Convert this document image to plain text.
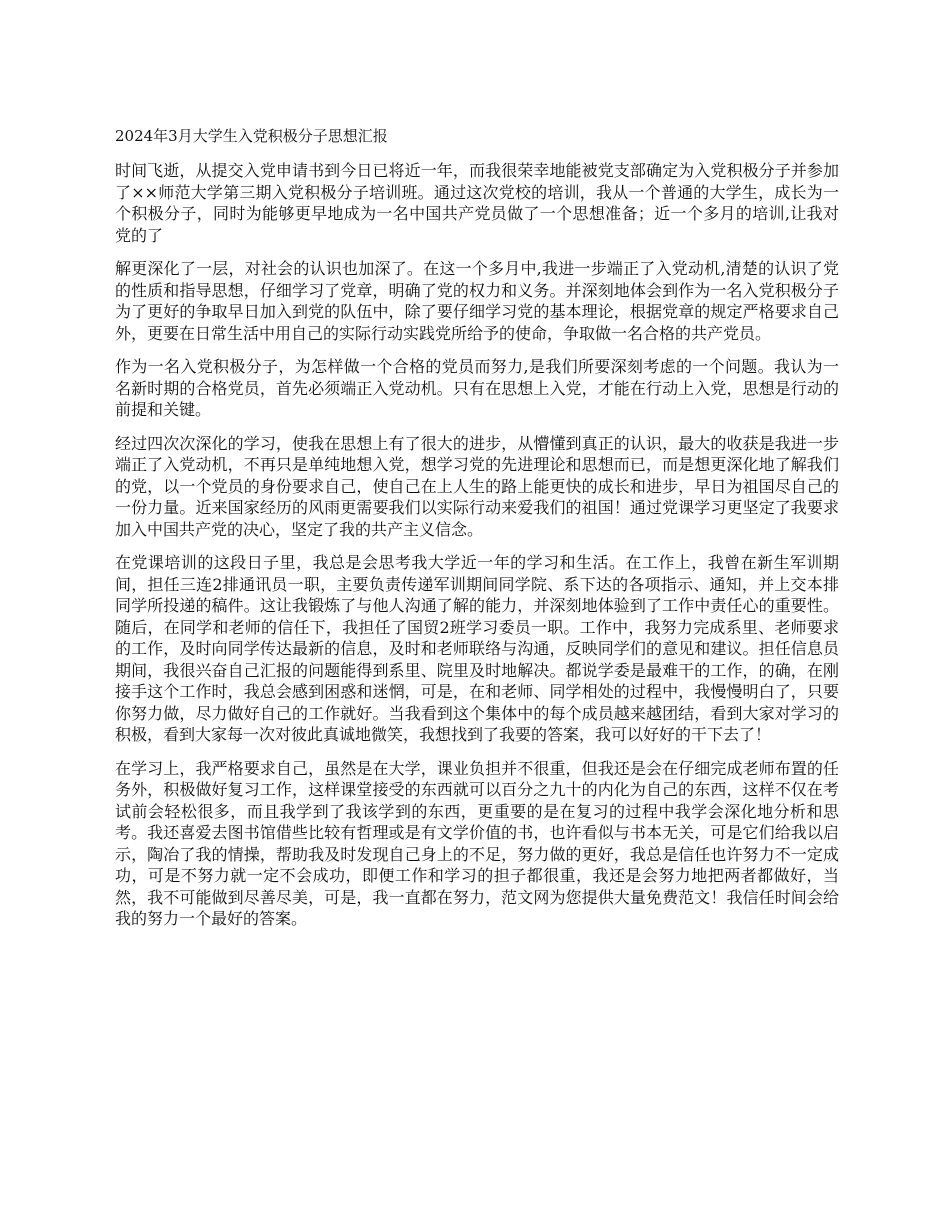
2024年3月大学生入党积极分子思想汇报

时间飞逝，从提交入党申请书到今日已将近一年，而我很荣幸地能被党支部确定为入党积极分子并参加了××师范大学第三期入党积极分子培训班。通过这次党校的培训，我从一个普通的大学生，成长为一个积极分子，同时为能够更早地成为一名中国共产党员做了一个思想准备；近一个多月的培训,让我对党的了

解更深化了一层，对社会的认识也加深了。在这一个多月中,我进一步端正了入党动机,清楚的认识了党的性质和指导思想，仔细学习了党章，明确了党的权力和义务。并深刻地体会到作为一名入党积极分子为了更好的争取早日加入到党的队伍中，除了要仔细学习党的基本理论，根据党章的规定严格要求自己外，更要在日常生活中用自己的实际行动实践党所给予的使命，争取做一名合格的共产党员。

作为一名入党积极分子，为怎样做一个合格的党员而努力,是我们所要深刻考虑的一个问题。我认为一名新时期的合格党员，首先必须端正入党动机。只有在思想上入党，才能在行动上入党，思想是行动的前提和关键。

经过四次次深化的学习，使我在思想上有了很大的进步，从懵懂到真正的认识，最大的收获是我进一步端正了入党动机，不再只是单纯地想入党，想学习党的先进理论和思想而已，而是想更深化地了解我们的党，以一个党员的身份要求自己，使自己在上人生的路上能更快的成长和进步，早日为祖国尽自己的一份力量。近来国家经历的风雨更需要我们以实际行动来爱我们的祖国！通过党课学习更坚定了我要求加入中国共产党的决心，坚定了我的共产主义信念。

在党课培训的这段日子里，我总是会思考我大学近一年的学习和生活。在工作上，我曾在新生军训期间，担任三连2排通讯员一职，主要负责传递军训期间同学院、系下达的各项指示、通知，并上交本排同学所投递的稿件。这让我锻炼了与他人沟通了解的能力，并深刻地体验到了工作中责任心的重要性。随后，在同学和老师的信任下，我担任了国贸2班学习委员一职。工作中，我努力完成系里、老师要求的工作，及时向同学传达最新的信息，及时和老师联络与沟通，反映同学们的意见和建议。担任信息员期间，我很兴奋自己汇报的问题能得到系里、院里及时地解决。都说学委是最难干的工作，的确，在刚接手这个工作时，我总会感到困惑和迷惘，可是，在和老师、同学相处的过程中，我慢慢明白了，只要你努力做，尽力做好自己的工作就好。当我看到这个集体中的每个成员越来越团结，看到大家对学习的积极，看到大家每一次对彼此真诚地微笑，我想找到了我要的答案，我可以好好的干下去了！

在学习上，我严格要求自己，虽然是在大学，课业负担并不很重，但我还是会在仔细完成老师布置的任务外，积极做好复习工作，这样课堂接受的东西就可以百分之九十的内化为自己的东西，这样不仅在考试前会轻松很多，而且我学到了我该学到的东西，更重要的是在复习的过程中我学会深化地分析和思考。我还喜爱去图书馆借些比较有哲理或是有文学价值的书，也许看似与书本无关，可是它们给我以启示，陶冶了我的情操，帮助我及时发现自己身上的不足，努力做的更好，我总是信任也许努力不一定成功，可是不努力就一定不会成功，即便工作和学习的担子都很重，我还是会努力地把两者都做好，当然，我不可能做到尽善尽美，可是，我一直都在努力，范文网为您提供大量免费范文！我信任时间会给我的努力一个最好的答案。
